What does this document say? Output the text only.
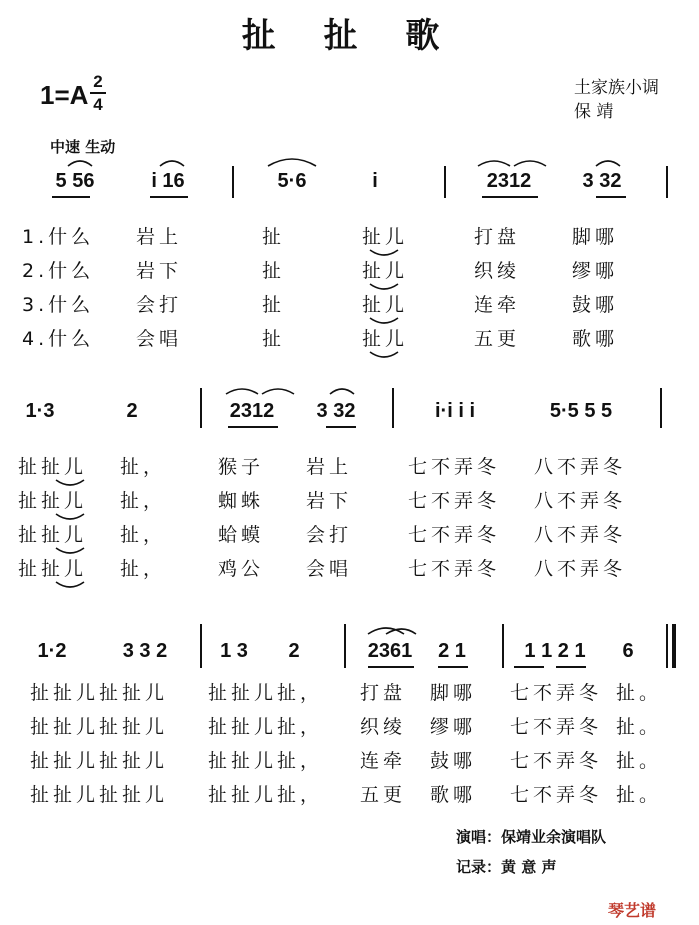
扯 扯 歌
1=A 2
4
土家族小调
保 靖
中速 生动
5 56	i 16	5·6	i	2312	3 32
1.什么 岩上	扯	扯儿	打盘	脚哪
2.什么 岩下	扯	扯儿	织绫	缪哪
3.什么 会打	扯	扯儿	连牵	鼓哪
4.什么 会唱	扯	扯儿	五更	歌哪
1·3	2	2312	3 32	i·i i i	5·5 5 5
扯扯儿 扯，	猴子 岩上	七不弄冬 八不弄冬
扯扯儿 扯，	蜘蛛 岩下	七不弄冬 八不弄冬
扯扯儿 扯，	蛤蟆 会打	七不弄冬 八不弄冬
扯扯儿 扯，	鸡公 会唱	七不弄冬 八不弄冬
1·2	3 3 2	1 3	2	2361	2 1	1 1 2 1	6
扯扯儿扯扯儿 扯扯儿扯， 打盘 脚哪 七不弄冬 扯。
扯扯儿扯扯儿 扯扯儿扯， 织绫 缪哪 七不弄冬 扯。
扯扯儿扯扯儿 扯扯儿扯， 连牵 鼓哪 七不弄冬 扯。
扯扯儿扯扯儿 扯扯儿扯， 五更 歌哪 七不弄冬 扯。
演唱：保靖业余演唱队
记录：黄 意 声
琴艺谱
